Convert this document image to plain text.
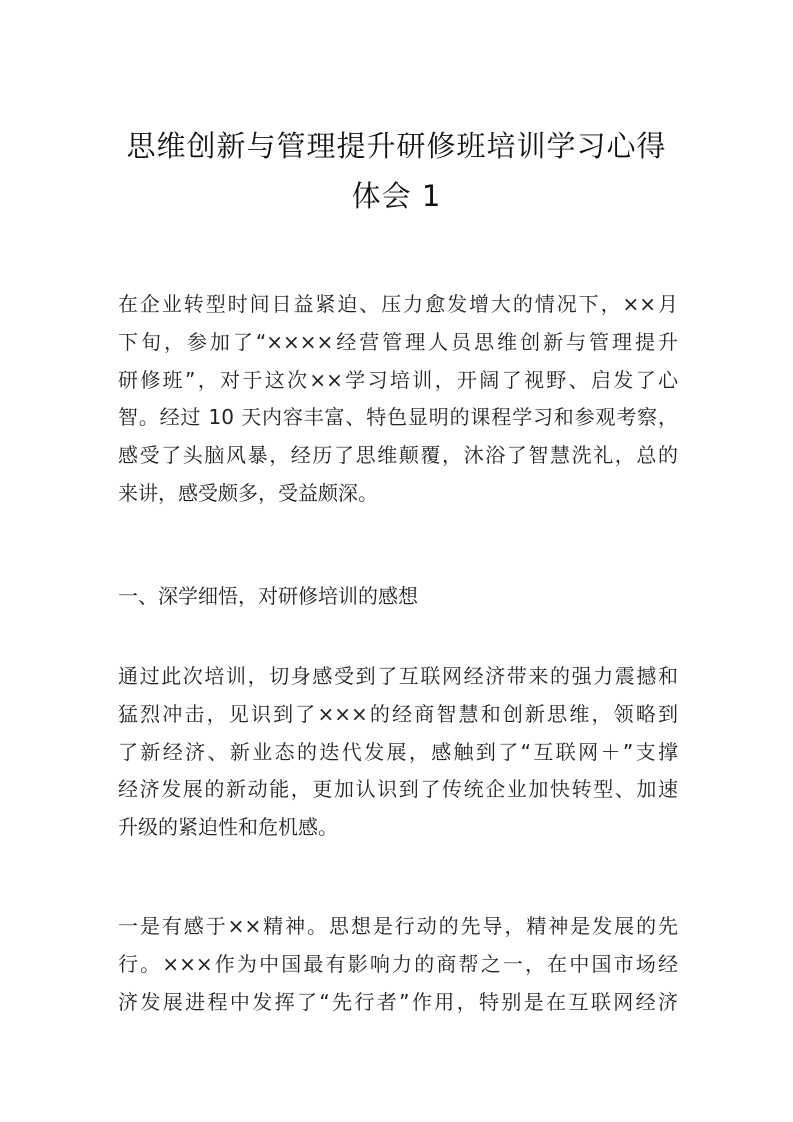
思维创新与管理提升研修班培训学习心得
体会 1
在企业转型时间日益紧迫、压力愈发增大的情况下，××月
下旬，参加了“××××经营管理人员思维创新与管理提升
研修班”，对于这次××学习培训，开阔了视野、启发了心
智。经过 10 天内容丰富、特色显明的课程学习和参观考察，
感受了头脑风暴，经历了思维颠覆，沐浴了智慧洗礼，总的
来讲，感受颇多，受益颇深。
一、深学细悟，对研修培训的感想
通过此次培训，切身感受到了互联网经济带来的强力震撼和
猛烈冲击，见识到了×××的经商智慧和创新思维，领略到
了新经济、新业态的迭代发展，感触到了“互联网＋”支撑
经济发展的新动能，更加认识到了传统企业加快转型、加速
升级的紧迫性和危机感。
一是有感于××精神。思想是行动的先导，精神是发展的先
行。×××作为中国最有影响力的商帮之一，在中国市场经
济发展进程中发挥了“先行者”作用，特别是在互联网经济
